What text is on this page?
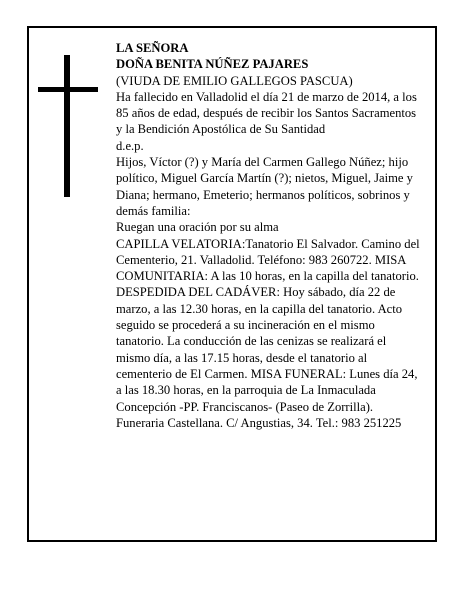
LA SEÑORA

DOÑA BENITA NÚÑEZ PAJARES

(VIUDA DE EMILIO GALLEGOS PASCUA)

Ha fallecido en Valladolid el día 21 de marzo de 2014, a los 85 años de edad, después de recibir los Santos Sacramentos y la Bendición Apostólica de Su Santidad

d.e.p.

Hijos, Víctor (?) y María del Carmen Gallego Núñez; hijo político, Miguel García Martín (?); nietos, Miguel, Jaime y Diana; hermano, Emeterio; hermanos políticos, sobrinos y demás familia:

Ruegan una oración por su alma

CAPILLA VELATORIA:Tanatorio El Salvador. Camino del Cementerio, 21. Valladolid. Teléfono: 983 260722. MISA COMUNITARIA: A las 10 horas, en la capilla del tanatorio.

DESPEDIDA DEL CADÁVER: Hoy sábado, día 22 de marzo, a las 12.30 horas, en la capilla del tanatorio. Acto seguido se procederá a su incineración en el mismo tanatorio. La conducción de las cenizas se realizará el mismo día, a las 17.15 horas, desde el tanatorio al cementerio de El Carmen. MISA FUNERAL: Lunes día 24, a las 18.30 horas, en la parroquia de La Inmaculada Concepción -PP. Franciscanos- (Paseo de Zorrilla).

Funeraria Castellana. C/ Angustias, 34. Tel.: 983 251225
